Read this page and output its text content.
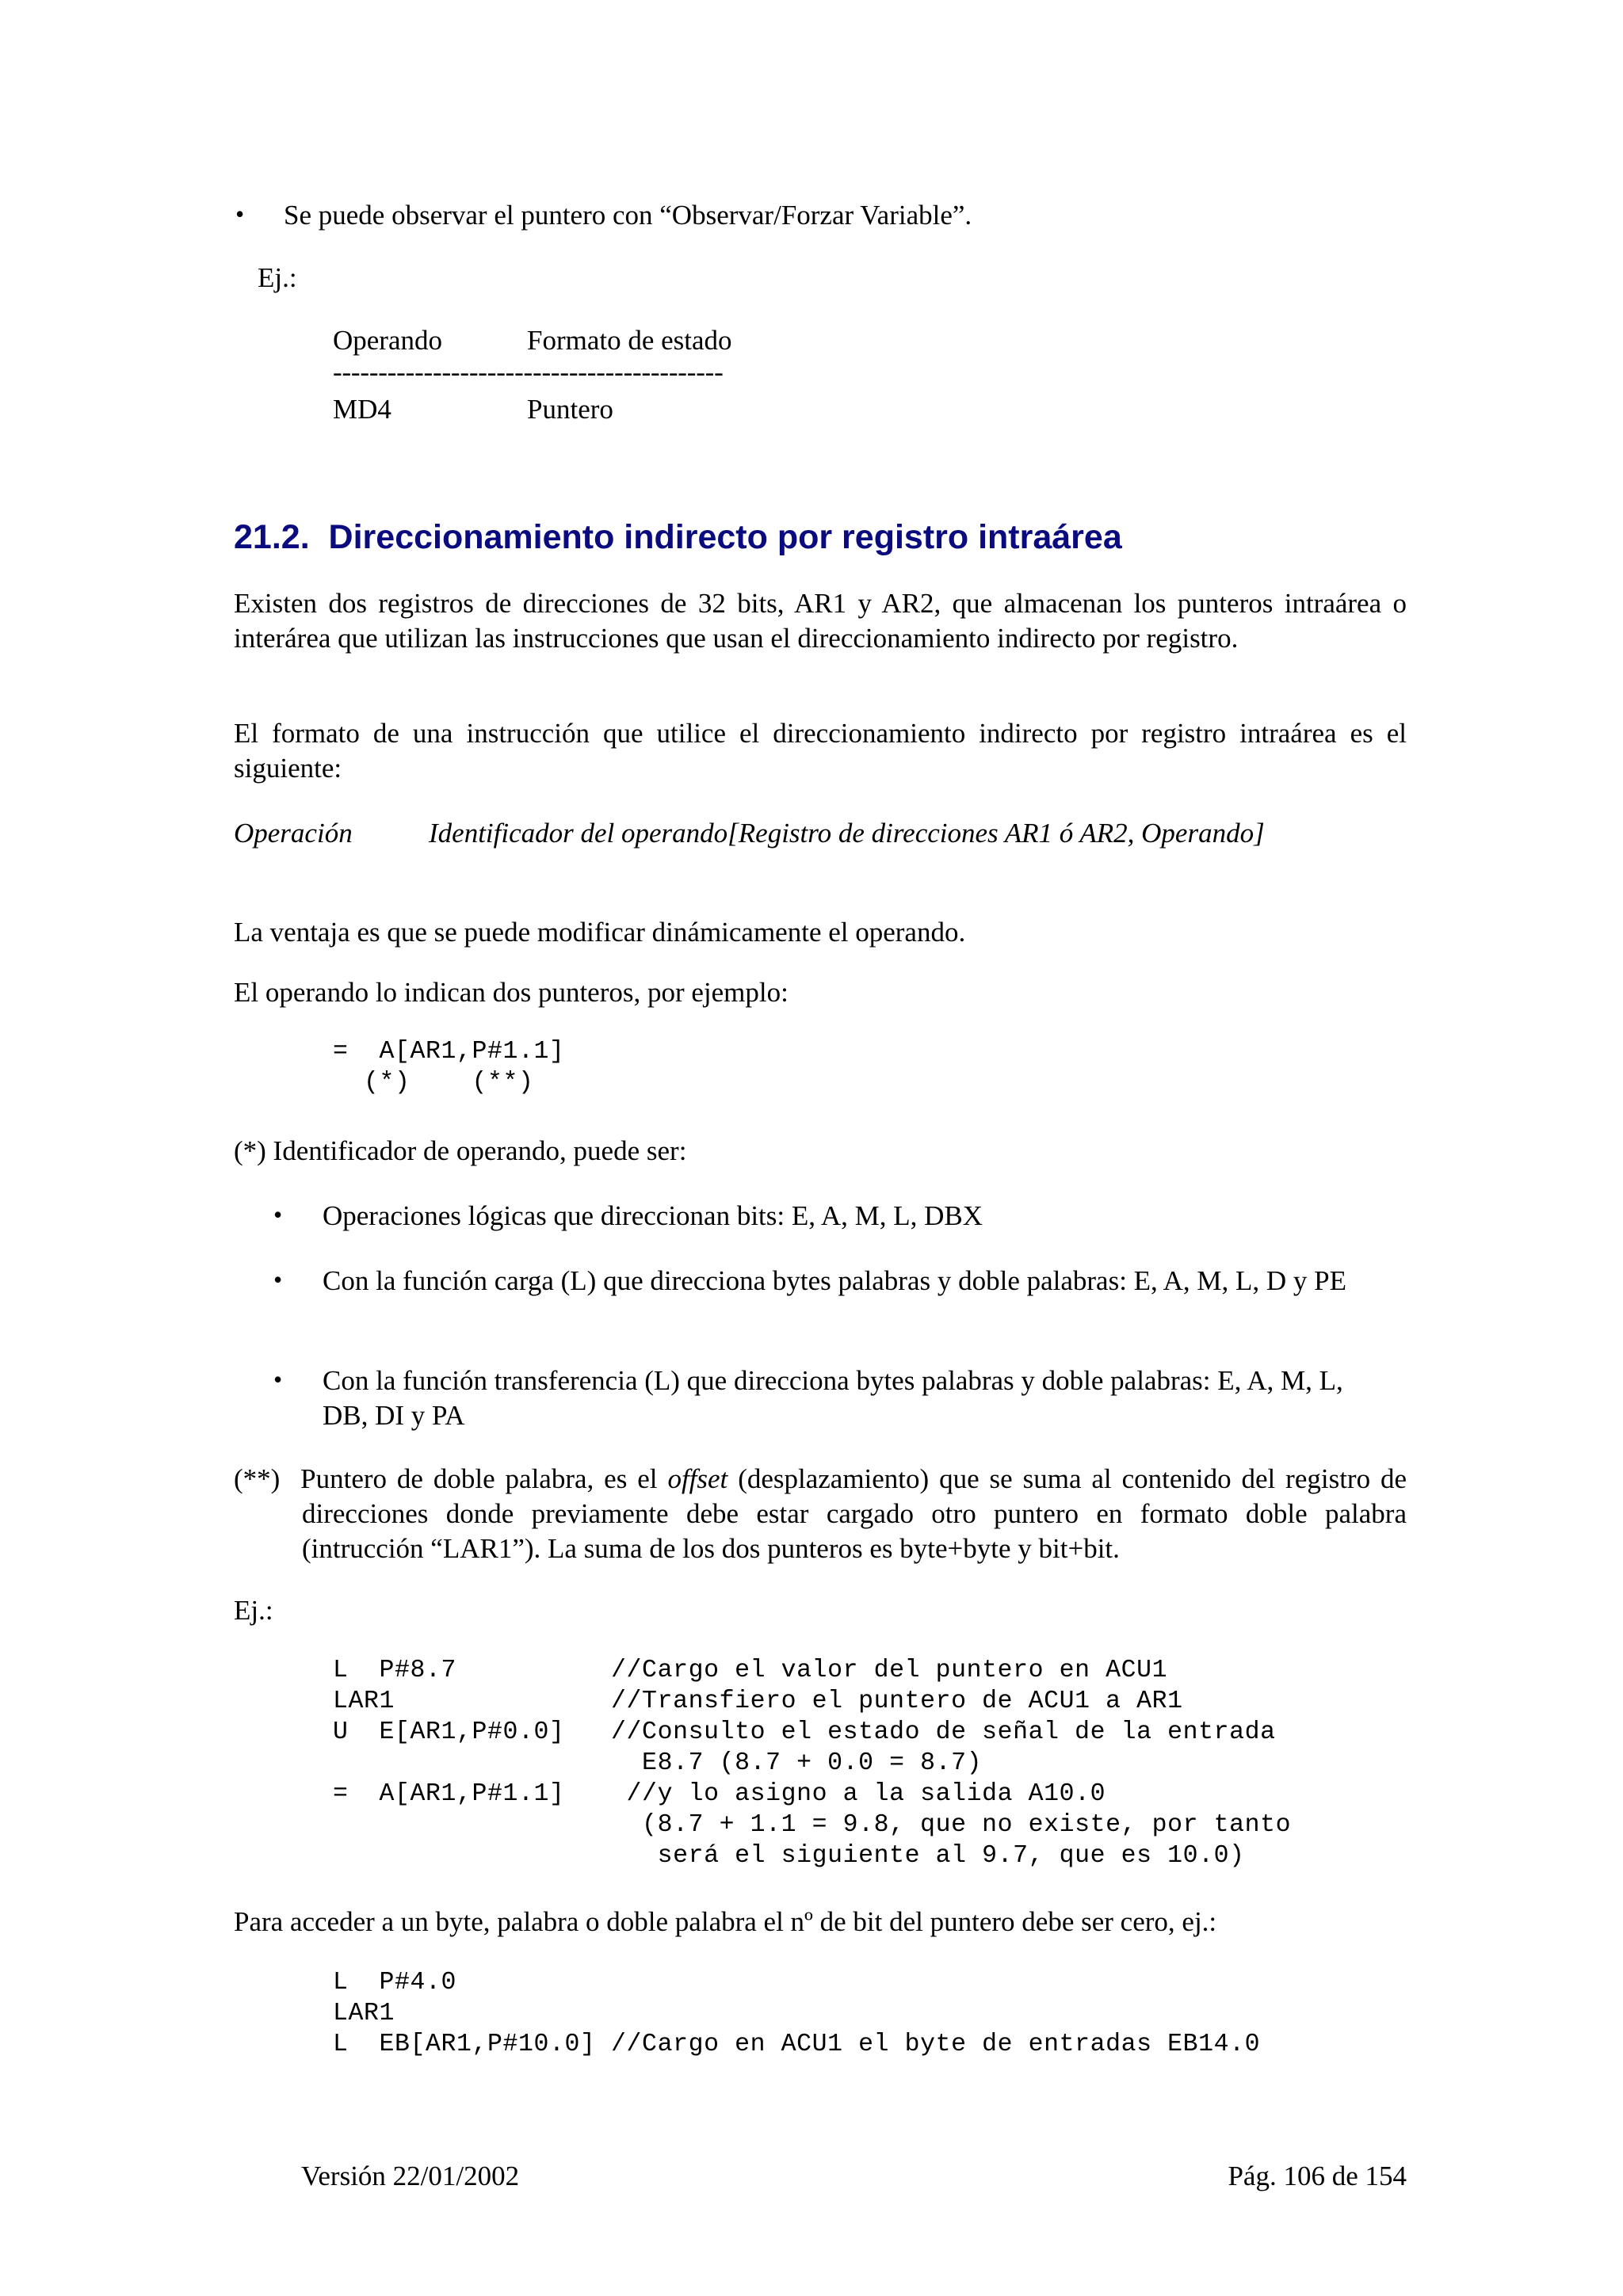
• Se puede observar el puntero con “Observar/Forzar Variable”.
Ej.:
Operando	Formato de estado
-------------------------------------------
MD4	Puntero
21.2. Direccionamiento indirecto por registro intraárea
Existen dos registros de direcciones de 32 bits, AR1 y AR2, que almacenan los punteros intraárea o interárea que utilizan las instrucciones que usan el direccionamiento indirecto por registro.
El formato de una instrucción que utilice el direccionamiento indirecto por registro intraárea es el siguiente:
Operación	Identificador del operando[Registro de direcciones AR1 ó AR2, Operando]
La ventaja es que se puede modificar dinámicamente el operando.
El operando lo indican dos punteros, por ejemplo:
=  A[AR1,P#1.1]
(*)    (**)
(*) Identificador de operando, puede ser:
• Operaciones lógicas que direccionan bits: E, A, M, L, DBX
• Con la función carga (L) que direcciona bytes palabras y doble palabras: E, A, M, L, D y PE
• Con la función transferencia (L) que direcciona bytes palabras y doble palabras: E, A, M, L, DB, DI y PA
(**) Puntero de doble palabra, es el offset (desplazamiento) que se suma al contenido del registro de direcciones donde previamente debe estar cargado otro puntero en formato doble palabra (intrucción “LAR1”). La suma de los dos punteros es byte+byte y bit+bit.
Ej.:
L  P#8.7          //Cargo el valor del puntero en ACU1
LAR1              //Transfiero el puntero de ACU1 a AR1
U  E[AR1,P#0.0]   //Consulto el estado de señal de la entrada
E8.7 (8.7 + 0.0 = 8.7)
=  A[AR1,P#1.1]    //y lo asigno a la salida A10.0
(8.7 + 1.1 = 9.8, que no existe, por tanto
será el siguiente al 9.7, que es 10.0)
Para acceder a un byte, palabra o doble palabra el nº de bit del puntero debe ser cero, ej.:
L  P#4.0
LAR1
L  EB[AR1,P#10.0] //Cargo en ACU1 el byte de entradas EB14.0
Versión 22/01/2002	Pág. 106 de 154
